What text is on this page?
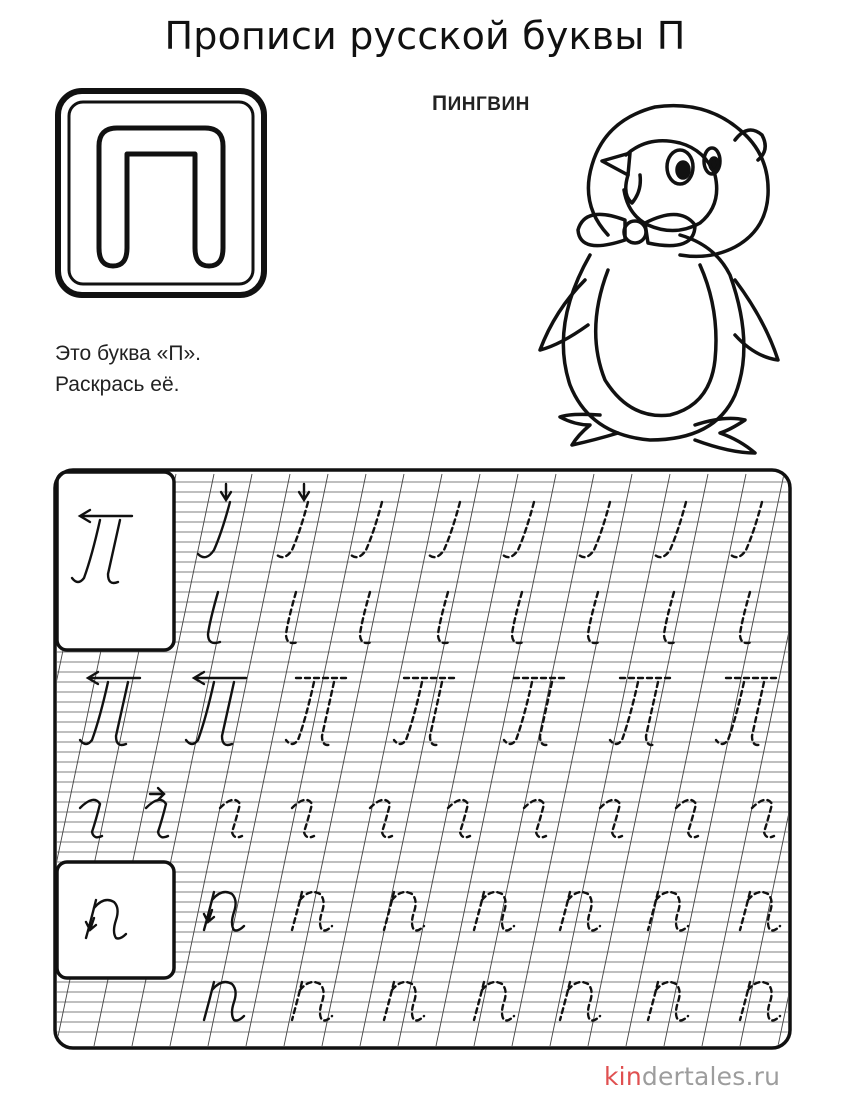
Прописи русской буквы П
ПИНГВИН
Это буква «П».
Раскрась её.
kindertales.ru
